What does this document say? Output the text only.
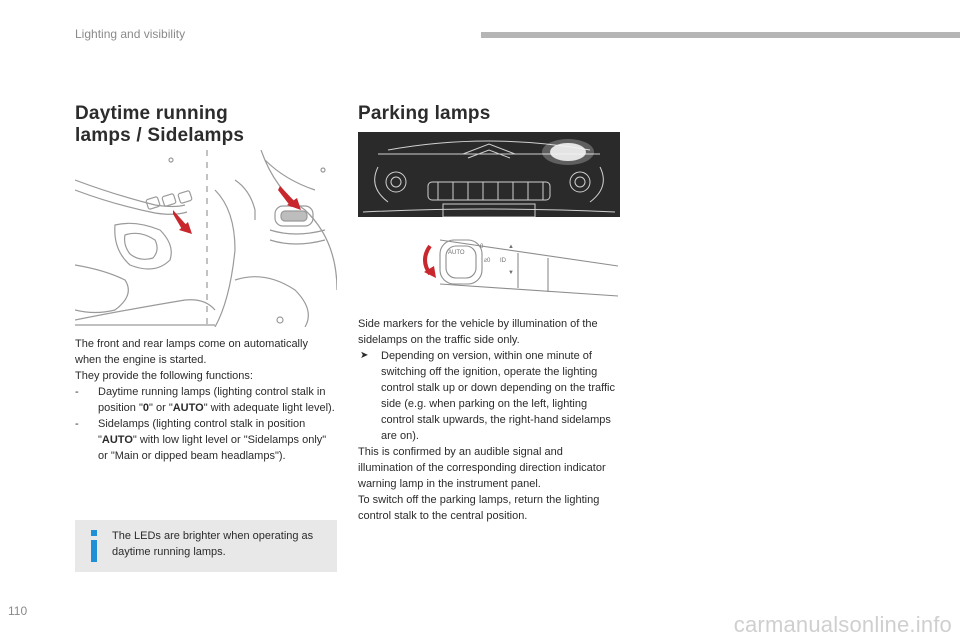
Lighting and visibility
Daytime running
lamps / Sidelamps
Parking lamps
AUTO
0
ƨ0 ID
▲
▼
The front and rear lamps come on automatically when the engine is started.
They provide the following functions:
- Daytime running lamps (lighting control stalk in position "0" or "AUTO" with adequate light level).
- Sidelamps (lighting control stalk in position "AUTO" with low light level or "Sidelamps only" or "Main or dipped beam headlamps").
The LEDs are brighter when operating as daytime running lamps.
Side markers for the vehicle by illumination of the sidelamps on the traffic side only.
➤ Depending on version, within one minute of switching off the ignition, operate the lighting control stalk up or down depending on the traffic side (e.g. when parking on the left, lighting control stalk upwards, the right-hand sidelamps are on).
This is confirmed by an audible signal and illumination of the corresponding direction indicator warning lamp in the instrument panel.
To switch off the parking lamps, return the lighting control stalk to the central position.
110
carmanualsonline.info
